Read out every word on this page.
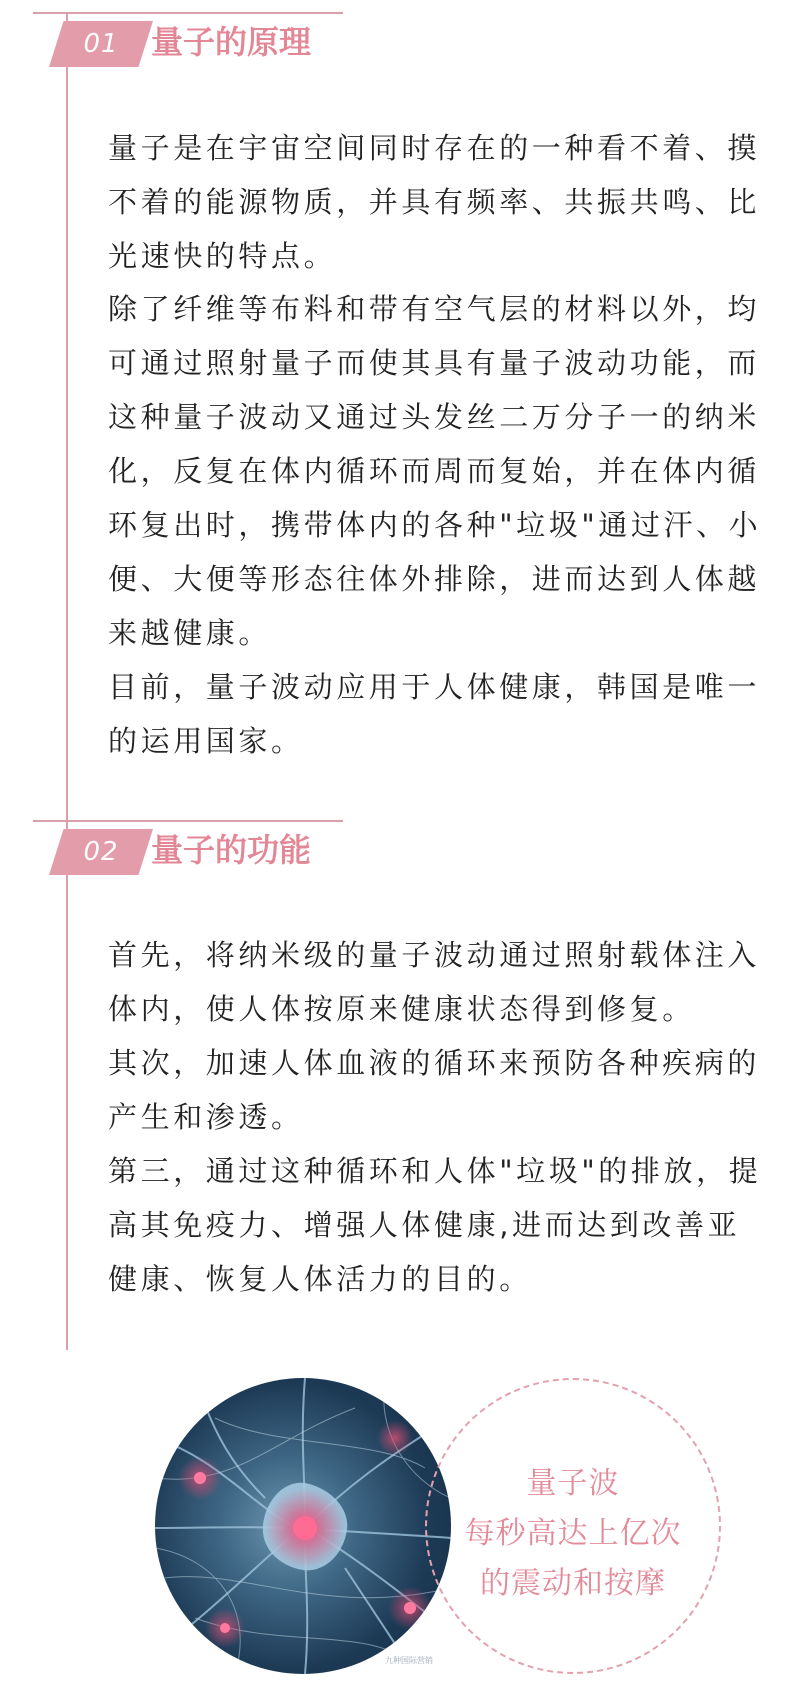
01	量子的原理

量子是在宇宙空间同时存在的一种看不着、摸不着的能源物质，并具有频率、共振共鸣、比光速快的特点。

除了纤维等布料和带有空气层的材料以外，均可通过照射量子而使其具有量子波动功能，而这种量子波动又通过头发丝二万分子一的纳米化，反复在体内循环而周而复始，并在体内循环复出时，携带体内的各种"垃圾"通过汗、小便、大便等形态往体外排除，进而达到人体越来越健康。

目前，量子波动应用于人体健康，韩国是唯一的运用国家。

02	量子的功能

首先，将纳米级的量子波动通过照射载体注入体内，使人体按原来健康状态得到修复。

其次，加速人体血液的循环来预防各种疾病的产生和渗透。

第三，通过这种循环和人体"垃圾"的排放，提高其免疫力、增强人体健康,进而达到改善亚健康、恢复人体活力的目的。

量子波
每秒高达上亿次
的震动和按摩
九种国际营销
